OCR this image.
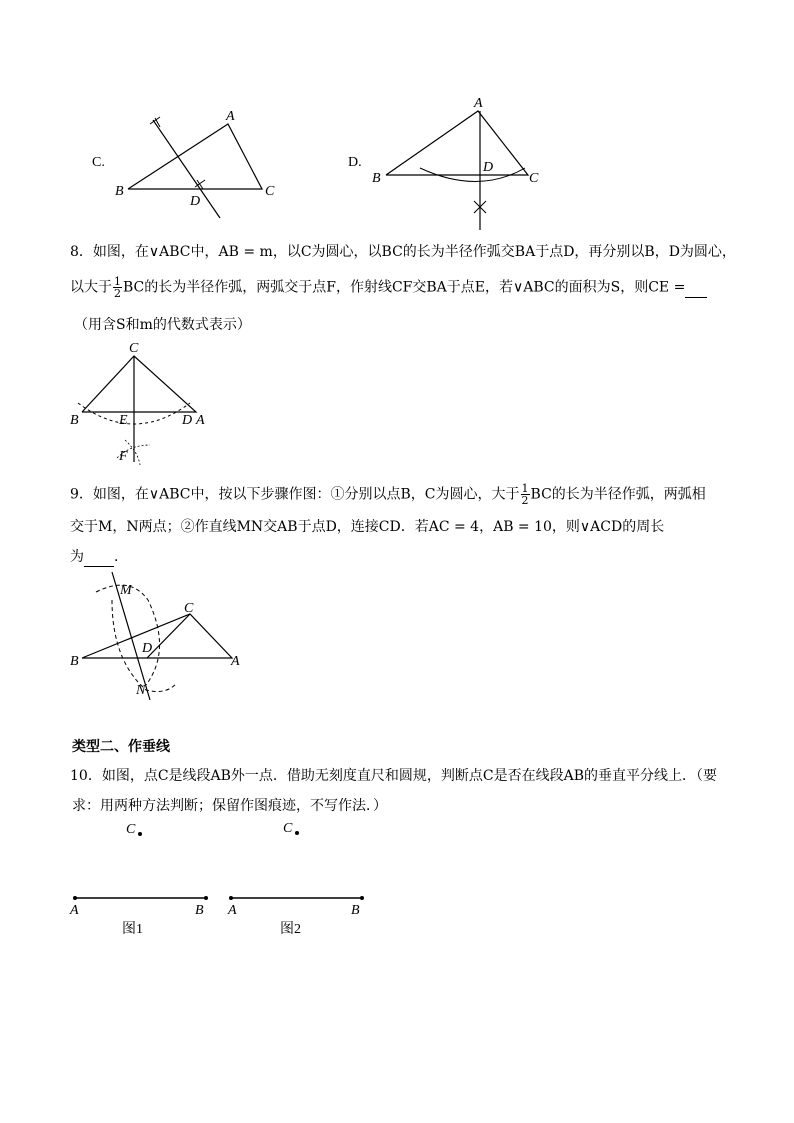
C.
A
B	C
D
D.
A
B	C
D
8．如图，在∨ABC中，AB = m，以C为圆心，以BC的长为半径作弧交BA于点D，再分别以B，D为圆心，
以大于 $\frac{1}{2}$ BC的长为半径作弧，两弧交于点F，作射线CF交BA于点E，若∨ABC的面积为S，则CE =
（用含S和m的代数式表示）
C
B	E	D A
F
9．如图，在∨ABC中，按以下步骤作图：①分别以点B，C为圆心，大于 $\frac{1}{2}$ BC的长为半径作弧，两弧相
交于M，N两点；②作直线MN交AB于点D，连接CD．若AC = 4，AB = 10，则∨ACD的周长
为 ．
M
C
B
D
A
N
类型二、作垂线
10．如图，点C是线段AB外一点．借助无刻度直尺和圆规，判断点C是否在线段AB的垂直平分线上．（要
求：用两种方法判断；保留作图痕迹，不写作法．）
C
A	B
图1
C
A	B
图2
